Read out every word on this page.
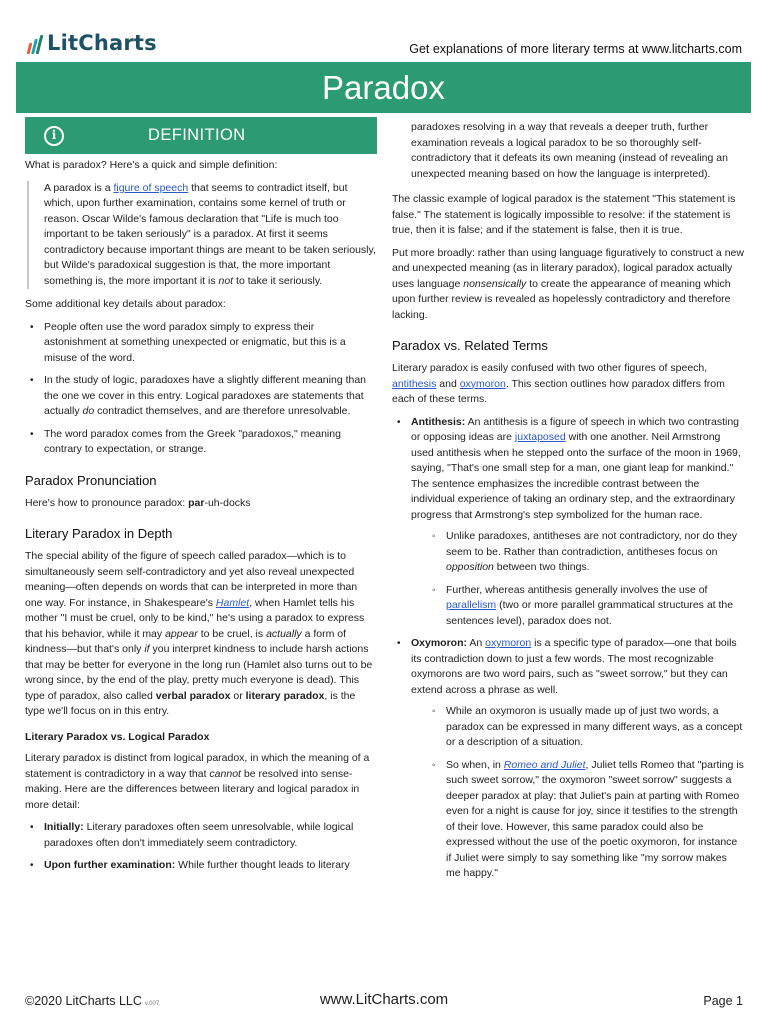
LitCharts	Get explanations of more literary terms at www.litcharts.com
Paradox
i	DEFINITION

What is paradox? Here's a quick and simple definition:

A paradox is a figure of speech that seems to contradict itself, but which, upon further examination, contains some kernel of truth or reason. Oscar Wilde's famous declaration that "Life is much too important to be taken seriously" is a paradox. At first it seems contradictory because important things are meant to be taken seriously, but Wilde's paradoxical suggestion is that, the more important something is, the more important it is not to take it seriously.

Some additional key details about paradox:

• People often use the word paradox simply to express their astonishment at something unexpected or enigmatic, but this is a misuse of the word.
• In the study of logic, paradoxes have a slightly different meaning than the one we cover in this entry. Logical paradoxes are statements that actually do contradict themselves, and are therefore unresolvable.
• The word paradox comes from the Greek "paradoxos," meaning contrary to expectation, or strange.
Paradox Pronunciation

Here's how to pronounce paradox: par-uh-docks

Literary Paradox in Depth

The special ability of the figure of speech called paradox—which is to simultaneously seem self-contradictory and yet also reveal unexpected meaning—often depends on words that can be interpreted in more than one way. For instance, in Shakespeare's Hamlet, when Hamlet tells his mother "I must be cruel, only to be kind," he's using a paradox to express that his behavior, while it may appear to be cruel, is actually a form of kindness—but that's only if you interpret kindness to include harsh actions that may be better for everyone in the long run (Hamlet also turns out to be wrong since, by the end of the play, pretty much everyone is dead). This type of paradox, also called verbal paradox or literary paradox, is the type we'll focus on in this entry.

Literary Paradox vs. Logical Paradox

Literary paradox is distinct from logical paradox, in which the meaning of a statement is contradictory in a way that cannot be resolved into sense-making. Here are the differences between literary and logical paradox in more detail:

• Initially: Literary paradoxes often seem unresolvable, while logical paradoxes often don't immediately seem contradictory.
• Upon further examination: While further thought leads to literary

paradoxes resolving in a way that reveals a deeper truth, further examination reveals a logical paradox to be so thoroughly self-contradictory that it defeats its own meaning (instead of revealing an unexpected meaning based on how the language is interpreted).

The classic example of logical paradox is the statement "This statement is false." The statement is logically impossible to resolve: if the statement is true, then it is false; and if the statement is false, then it is true.

Put more broadly: rather than using language figuratively to construct a new and unexpected meaning (as in literary paradox), logical paradox actually uses language nonsensically to create the appearance of meaning which upon further review is revealed as hopelessly contradictory and therefore lacking.

Paradox vs. Related Terms

Literary paradox is easily confused with two other figures of speech, antithesis and oxymoron. This section outlines how paradox differs from each of these terms.

• Antithesis: An antithesis is a figure of speech in which two contrasting or opposing ideas are juxtaposed with one another. Neil Armstrong used antithesis when he stepped onto the surface of the moon in 1969, saying, "That's one small step for a man, one giant leap for mankind." The sentence emphasizes the incredible contrast between the individual experience of taking an ordinary step, and the extraordinary progress that Armstrong's step symbolized for the human race.
◦ Unlike paradoxes, antitheses are not contradictory, nor do they seem to be. Rather than contradiction, antitheses focus on opposition between two things.
◦ Further, whereas antithesis generally involves the use of parallelism (two or more parallel grammatical structures at the sentences level), paradox does not.
• Oxymoron: An oxymoron is a specific type of paradox—one that boils its contradiction down to just a few words. The most recognizable oxymorons are two word pairs, such as "sweet sorrow," but they can extend across a phrase as well.
◦ While an oxymoron is usually made up of just two words, a paradox can be expressed in many different ways, as a concept or a description of a situation.
◦ So when, in Romeo and Juliet, Juliet tells Romeo that "parting is such sweet sorrow," the oxymoron "sweet sorrow" suggests a deeper paradox at play: that Juliet's pain at parting with Romeo even for a night is cause for joy, since it testifies to the strength of their love. However, this same paradox could also be expressed without the use of the poetic oxymoron, for instance if Juliet were simply to say something like "my sorrow makes me happy."
©2020 LitCharts LLC v.007	www.LitCharts.com	Page 1
